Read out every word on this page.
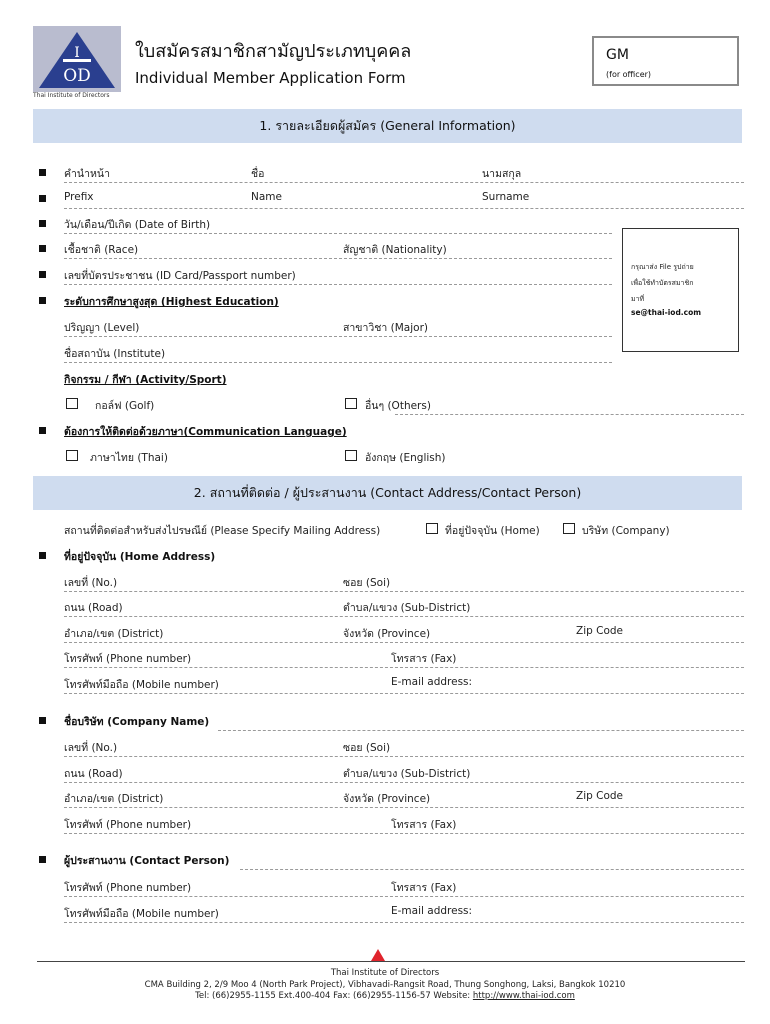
I
OD
Thai Institute of Directors
ใบสมัครสมาชิกสามัญประเภทบุคคล
Individual Member Application Form
GM
(for officer)
1. รายละเอียดผู้สมัคร (General Information)
คำนำหน้า	ชื่อ	นามสกุล
Prefix	Name	Surname
วัน/เดือน/ปีเกิด (Date of Birth)
เชื้อชาติ (Race)	สัญชาติ (Nationality)
เลขที่บัตรประชาชน (ID Card/Passport number)
ระดับการศึกษาสูงสุด (Highest Education)
ปริญญา (Level)	สาขาวิชา (Major)
ชื่อสถาบัน (Institute)
กิจกรรม / กีฬา (Activity/Sport)
กอล์ฟ (Golf)	อื่นๆ (Others)
ต้องการให้ติดต่อด้วยภาษา(Communication Language)
ภาษาไทย (Thai)	อังกฤษ (English)
กรุณาส่ง File รูปถ่าย
เพื่อใช้ทำบัตรสมาชิก
มาที่
se@thai-iod.com
2. สถานที่ติดต่อ / ผู้ประสานงาน (Contact Address/Contact Person)
สถานที่ติดต่อสำหรับส่งไปรษณีย์ (Please Specify Mailing Address)	ที่อยู่ปัจจุบัน (Home)	บริษัท (Company)
ที่อยู่ปัจจุบัน (Home Address)
เลขที่ (No.)	ซอย (Soi)
ถนน (Road)	ตำบล/แขวง (Sub-District)
อำเภอ/เขต (District)	จังหวัด (Province)	Zip Code
โทรศัพท์ (Phone number)	โทรสาร (Fax)
โทรศัพท์มือถือ (Mobile number)	E-mail address:
ชื่อบริษัท (Company Name)
เลขที่ (No.)	ซอย (Soi)
ถนน (Road)	ตำบล/แขวง (Sub-District)
อำเภอ/เขต (District)	จังหวัด (Province)	Zip Code
โทรศัพท์ (Phone number)	โทรสาร (Fax)
ผู้ประสานงาน (Contact Person)
โทรศัพท์ (Phone number)	โทรสาร (Fax)
โทรศัพท์มือถือ (Mobile number)	E-mail address:
Thai Institute of Directors
CMA Building 2, 2/9 Moo 4 (North Park Project), Vibhavadi-Rangsit Road, Thung Songhong, Laksi, Bangkok 10210
Tel: (66)2955-1155 Ext.400-404 Fax: (66)2955-1156-57 Website: http://www.thai-iod.com
